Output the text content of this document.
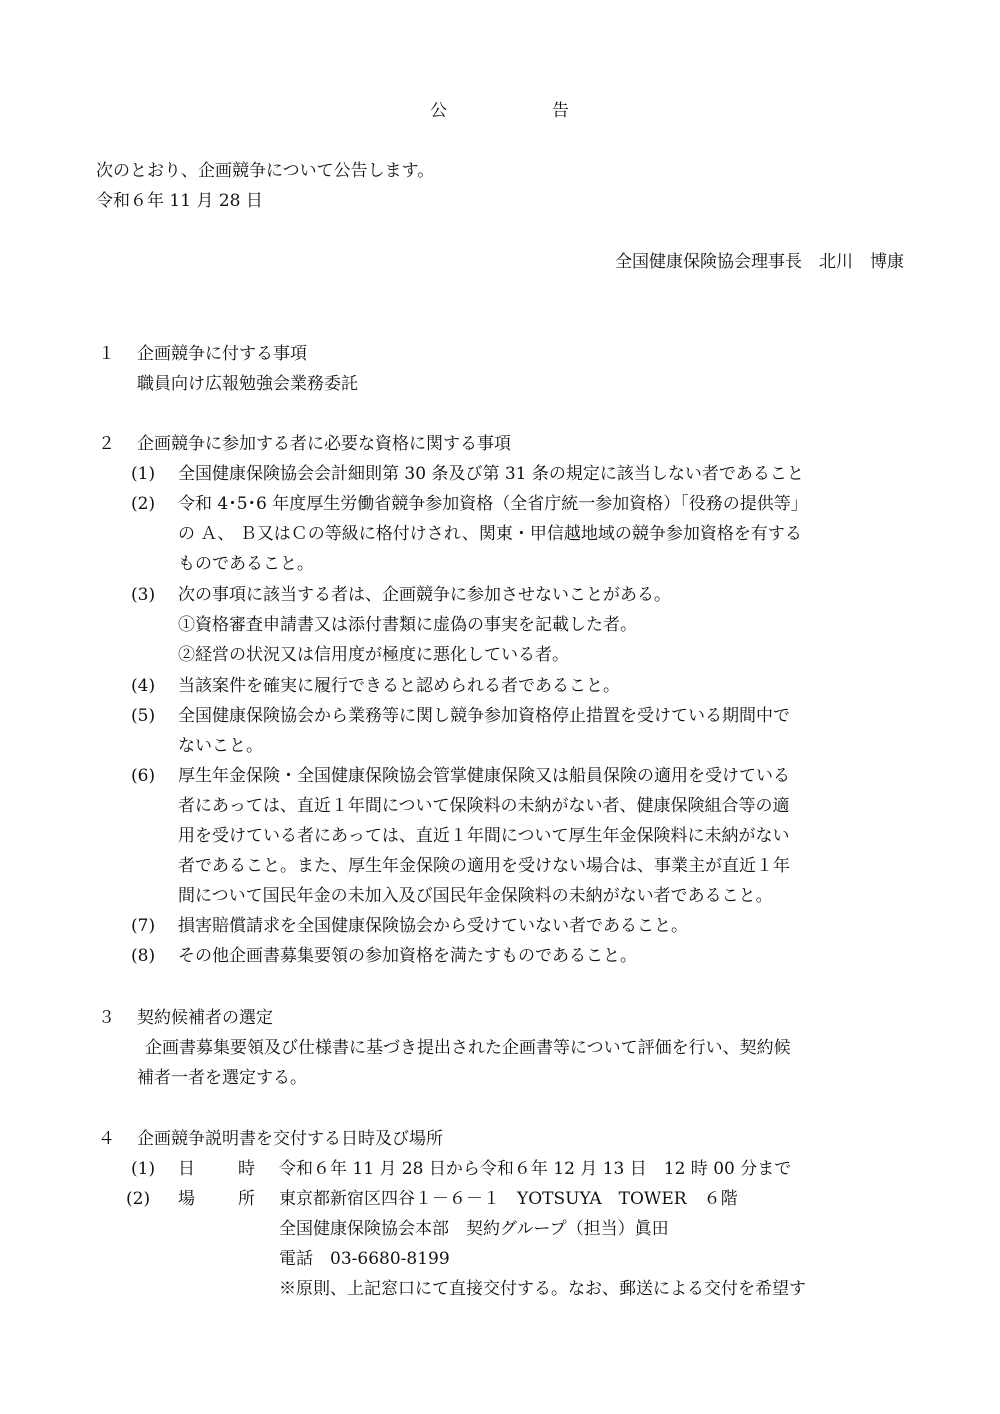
公	告
次のとおり、企画競争について公告します。
令和６年 11 月 28 日
全国健康保険協会理事長　北川　博康
１ 企画競争に付する事項
職員向け広報勉強会業務委託
２ 企画競争に参加する者に必要な資格に関する事項
(1) 全国健康保険協会会計細則第 30 条及び第 31 条の規定に該当しない者であること
(2) 令和 4･5･6 年度厚生労働省競争参加資格（全省庁統一参加資格）「役務の提供等」
の Ａ、 Ｂ又はＣの等級に格付けされ、関東・甲信越地域の競争参加資格を有する
ものであること。
(3) 次の事項に該当する者は、企画競争に参加させないことがある。
①資格審査申請書又は添付書類に虚偽の事実を記載した者。
②経営の状況又は信用度が極度に悪化している者。
(4) 当該案件を確実に履行できると認められる者であること。
(5) 全国健康保険協会から業務等に関し競争参加資格停止措置を受けている期間中で
ないこと。
(6) 厚生年金保険・全国健康保険協会管掌健康保険又は船員保険の適用を受けている
者にあっては、直近１年間について保険料の未納がない者、健康保険組合等の適
用を受けている者にあっては、直近１年間について厚生年金保険料に未納がない
者であること。また、厚生年金保険の適用を受けない場合は、事業主が直近１年
間について国民年金の未加入及び国民年金保険料の未納がない者であること。
(7) 損害賠償請求を全国健康保険協会から受けていない者であること。
(8) その他企画書募集要領の参加資格を満たすものであること。
３ 契約候補者の選定
企画書募集要領及び仕様書に基づき提出された企画書等について評価を行い、契約候
補者一者を選定する。
４ 企画競争説明書を交付する日時及び場所
(1) 日	時 令和６年 11 月 28 日から令和６年 12 月 13 日　12 時 00 分まで
(2) 場	所 東京都新宿区四谷１－６－１　YOTSUYA　TOWER　６階
全国健康保険協会本部　契約グループ（担当）眞田
電話　03-6680-8199
※原則、上記窓口にて直接交付する。なお、郵送による交付を希望す
